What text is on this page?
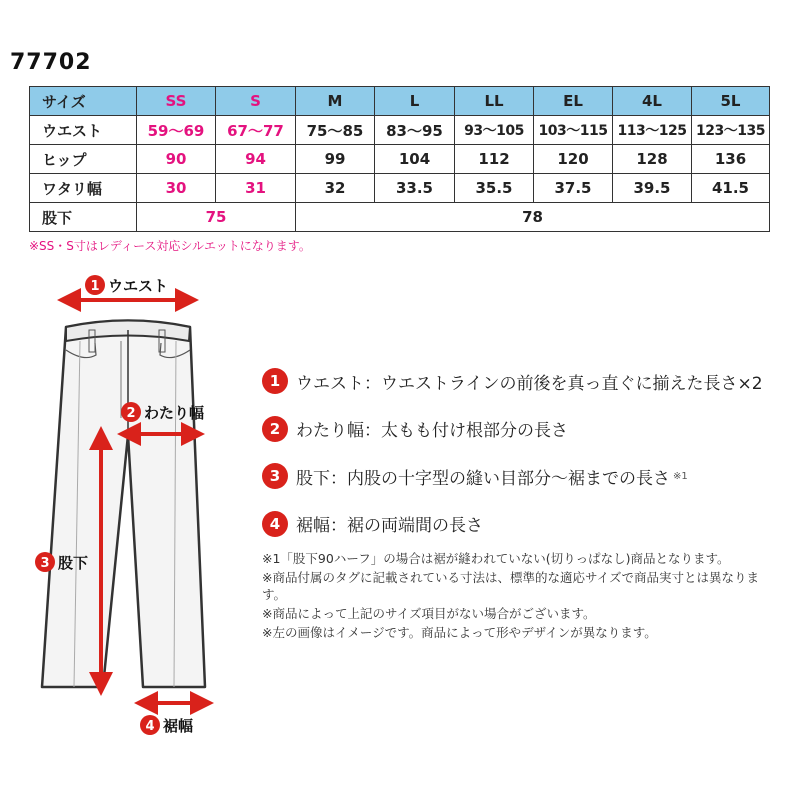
77702
サイズ	SS	S	M	L	LL	EL	4L	5L
ウエスト	59〜69	67〜77	75〜85	83〜95	93〜105	103〜115	113〜125	123〜135
ヒップ	90	94	99	104	112	120	128	136
ワタリ幅	30	31	32	33.5	35.5	37.5	39.5	41.5
股下	75		78					
※SS・S寸はレディース対応シルエットになります。
1 ウエスト
2 わたり幅
3 股下
4 裾幅
1 ウエスト ：ウエストラインの前後を真っ直ぐに揃えた長さ×2
2 わたり幅 ：太もも付け根部分の長さ
3 股下 ：内股の十字型の縫い目部分〜裾までの長さ ※1
4 裾幅 ：裾の両端間の長さ
※1「股下90ハーフ」の場合は裾が縫われていない(切りっぱなし)商品となります。
※商品付属のタグに記載されている寸法は、標準的な適応サイズで商品実寸とは異なります。
※商品によって上記のサイズ項目がない場合がございます。
※左の画像はイメージです。商品によって形やデザインが異なります。
